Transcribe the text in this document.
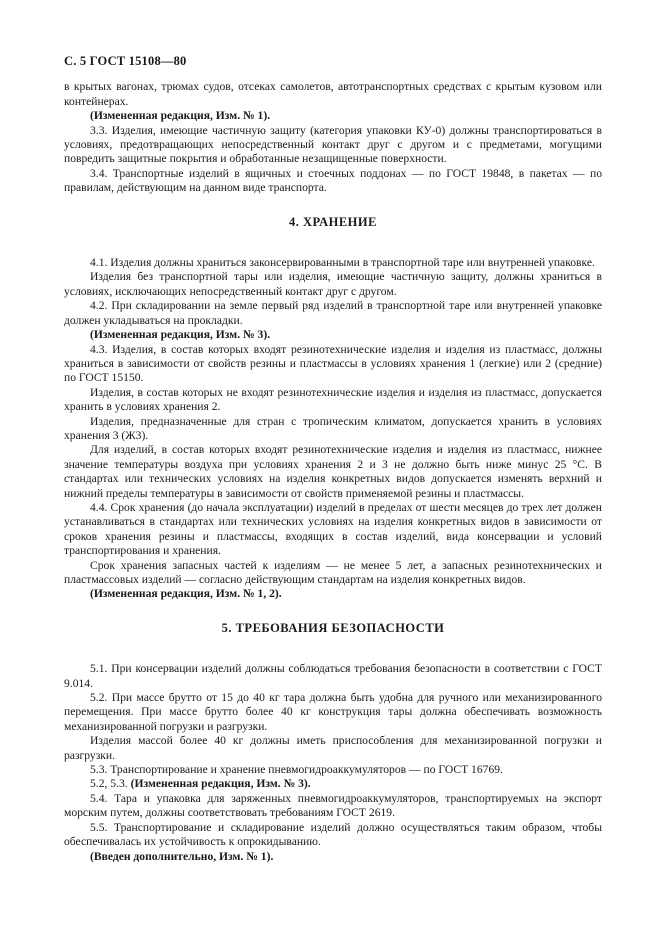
С. 5 ГОСТ 15108—80

в крытых вагонах, трюмах судов, отсеках самолетов, автотранспортных средствах с крытым кузовом или контейнерах.

(Измененная редакция, Изм. № 1).

3.3. Изделия, имеющие частичную защиту (категория упаковки КУ-0) должны транспортироваться в условиях, предотвращающих непосредственный контакт друг с другом и с предметами, могущими повредить защитные покрытия и обработанные незащищенные поверхности.

3.4. Транспортные изделий в ящичных и стоечных поддонах — по ГОСТ 19848, в пакетах — по правилам, действующим на данном виде транспорта.

4. ХРАНЕНИЕ

4.1. Изделия должны храниться законсервированными в транспортной таре или внутренней упаковке.

Изделия без транспортной тары или изделия, имеющие частичную защиту, должны храниться в условиях, исключающих непосредственный контакт друг с другом.

4.2. При складировании на земле первый ряд изделий в транспортной таре или внутренней упаковке должен укладываться на прокладки.

(Измененная редакция, Изм. № 3).

4.3. Изделия, в состав которых входят резинотехнические изделия и изделия из пластмасс, должны храниться в зависимости от свойств резины и пластмассы в условиях хранения 1 (легкие) или 2 (средние) по ГОСТ 15150.

Изделия, в состав которых не входят резинотехнические изделия и изделия из пластмасс, допускается хранить в условиях хранения 2.

Изделия, предназначенные для стран с тропическим климатом, допускается хранить в условиях хранения 3 (Ж3).

Для изделий, в состав которых входят резинотехнические изделия и изделия из пластмасс, нижнее значение температуры воздуха при условиях хранения 2 и 3 не должно быть ниже минус 25 °С. В стандартах или технических условиях на изделия конкретных видов допускается изменять верхний и нижний пределы температуры в зависимости от свойств применяемой резины и пластмассы.

4.4. Срок хранения (до начала эксплуатации) изделий в пределах от шести месяцев до трех лет должен устанавливаться в стандартах или технических условиях на изделия конкретных видов в зависимости от сроков хранения резины и пластмассы, входящих в состав изделий, вида консервации и условий транспортирования и хранения.

Срок хранения запасных частей к изделиям — не менее 5 лет, а запасных резинотехнических и пластмассовых изделий — согласно действующим стандартам на изделия конкретных видов.

(Измененная редакция, Изм. № 1, 2).

5. ТРЕБОВАНИЯ БЕЗОПАСНОСТИ

5.1. При консервации изделий должны соблюдаться требования безопасности в соответствии с ГОСТ 9.014.

5.2. При массе брутто от 15 до 40 кг тара должна быть удобна для ручного или механизированного перемещения. При массе брутто более 40 кг конструкция тары должна обеспечивать возможность механизированной погрузки и разгрузки.

Изделия массой более 40 кг должны иметь приспособления для механизированной погрузки и разгрузки.

5.3. Транспортирование и хранение пневмогидроаккумуляторов — по ГОСТ 16769.

5.2, 5.3. (Измененная редакция, Изм. № 3).

5.4. Тара и упаковка для заряженных пневмогидроаккумуляторов, транспортируемых на экспорт морским путем, должны соответствовать требованиям ГОСТ 2619.

5.5. Транспортирование и складирование изделий должно осуществляться таким образом, чтобы обеспечивалась их устойчивость к опрокидыванию.

(Введен дополнительно, Изм. № 1).
